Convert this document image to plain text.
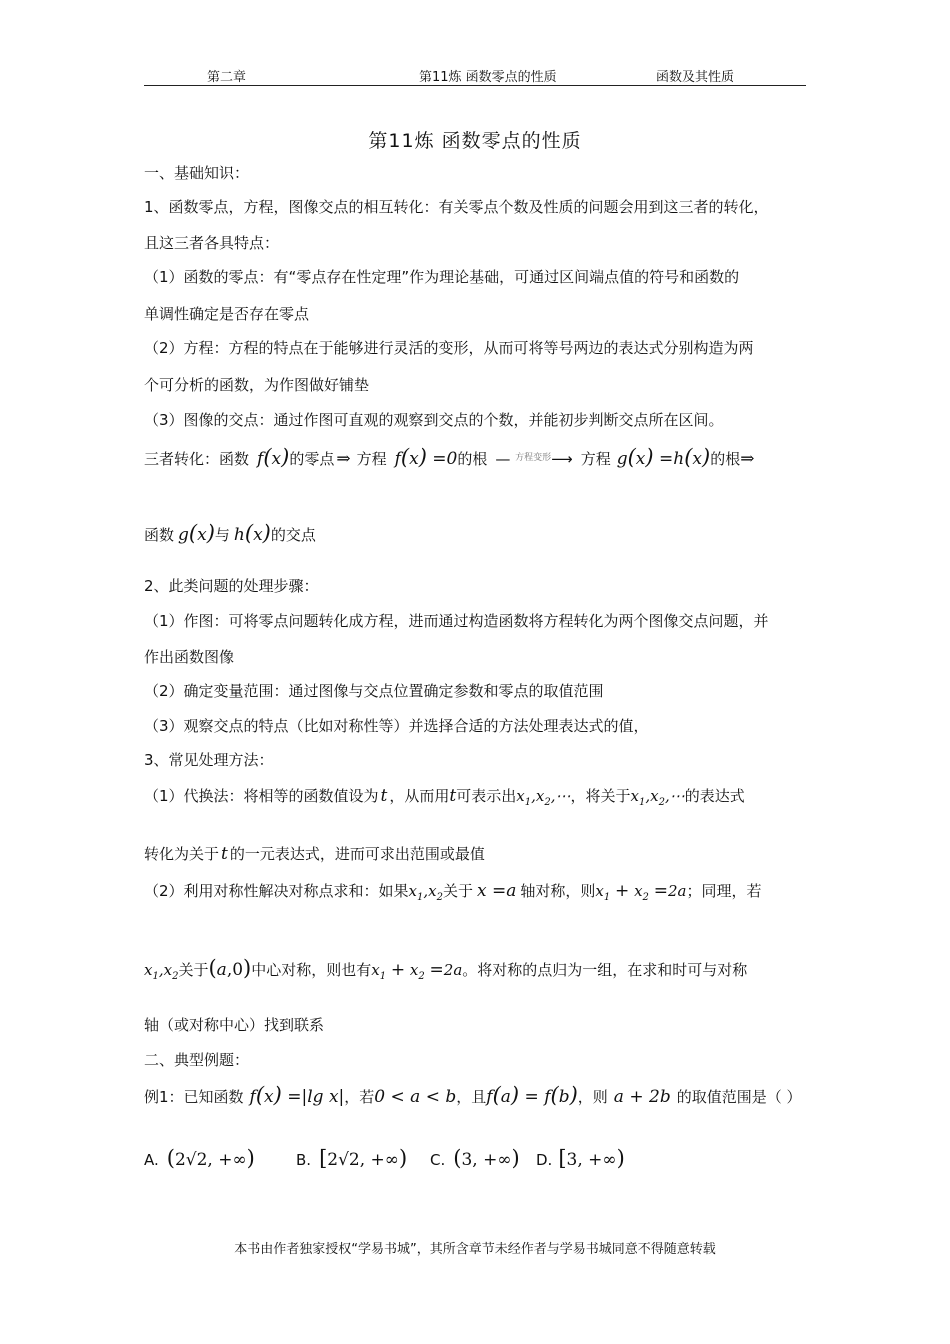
第二章	第11炼 函数零点的性质	函数及其性质
第11炼 函数零点的性质
一、基础知识：
1、函数零点，方程，图像交点的相互转化：有关零点个数及性质的问题会用到这三者的转化，
且这三者各具特点：
（1）函数的零点：有“零点存在性定理”作为理论基础，可通过区间端点值的符号和函数的
单调性确定是否存在零点
（2）方程：方程的特点在于能够进行灵活的变形，从而可将等号两边的表达式分别构造为两
个可分析的函数，为作图做好铺垫
（3）图像的交点：通过作图可直观的观察到交点的个数，并能初步判断交点所在区间。
三者转化：函数 f(x)的零点 ⇒ 方程 f(x) =0的根 — $^{方程变形}$⟶ 方程 g(x) =h(x)的根⇒
函数 g(x)与 h(x)的交点
2、此类问题的处理步骤：
（1）作图：可将零点问题转化成方程，进而通过构造函数将方程转化为两个图像交点问题，并
作出函数图像
（2）确定变量范围：通过图像与交点位置确定参数和零点的取值范围
（3）观察交点的特点（比如对称性等）并选择合适的方法处理表达式的值，
3、常见处理方法：
（1）代换法：将相等的函数值设为 t ，从而用t可表示出$x_1,x_2,\cdots$，将关于$x_1,x_2,\cdots$的表达式
转化为关于 t 的一元表达式，进而可求出范围或最值
（2）利用对称性解决对称点求和：如果$x_1,x_2$关于 x =a 轴对称，则$x_1 + x_2 =2a$；同理，若
$x_1,x_2$关于(a,0)中心对称，则也有$x_1 + x_2 =2a$。将对称的点归为一组，在求和时可与对称
轴（或对称中心）找到联系
二、典型例题：
例1：已知函数 f(x) =|lg x|，若0 < a < b，且f(a) = f(b)，则 a + 2b 的取值范围是（ ）
A. (2√2, +∞)	B. [2√2, +∞) C. (3, +∞) D. [3, +∞)
本书由作者独家授权“学易书城”，其所含章节未经作者与学易书城同意不得随意转载
